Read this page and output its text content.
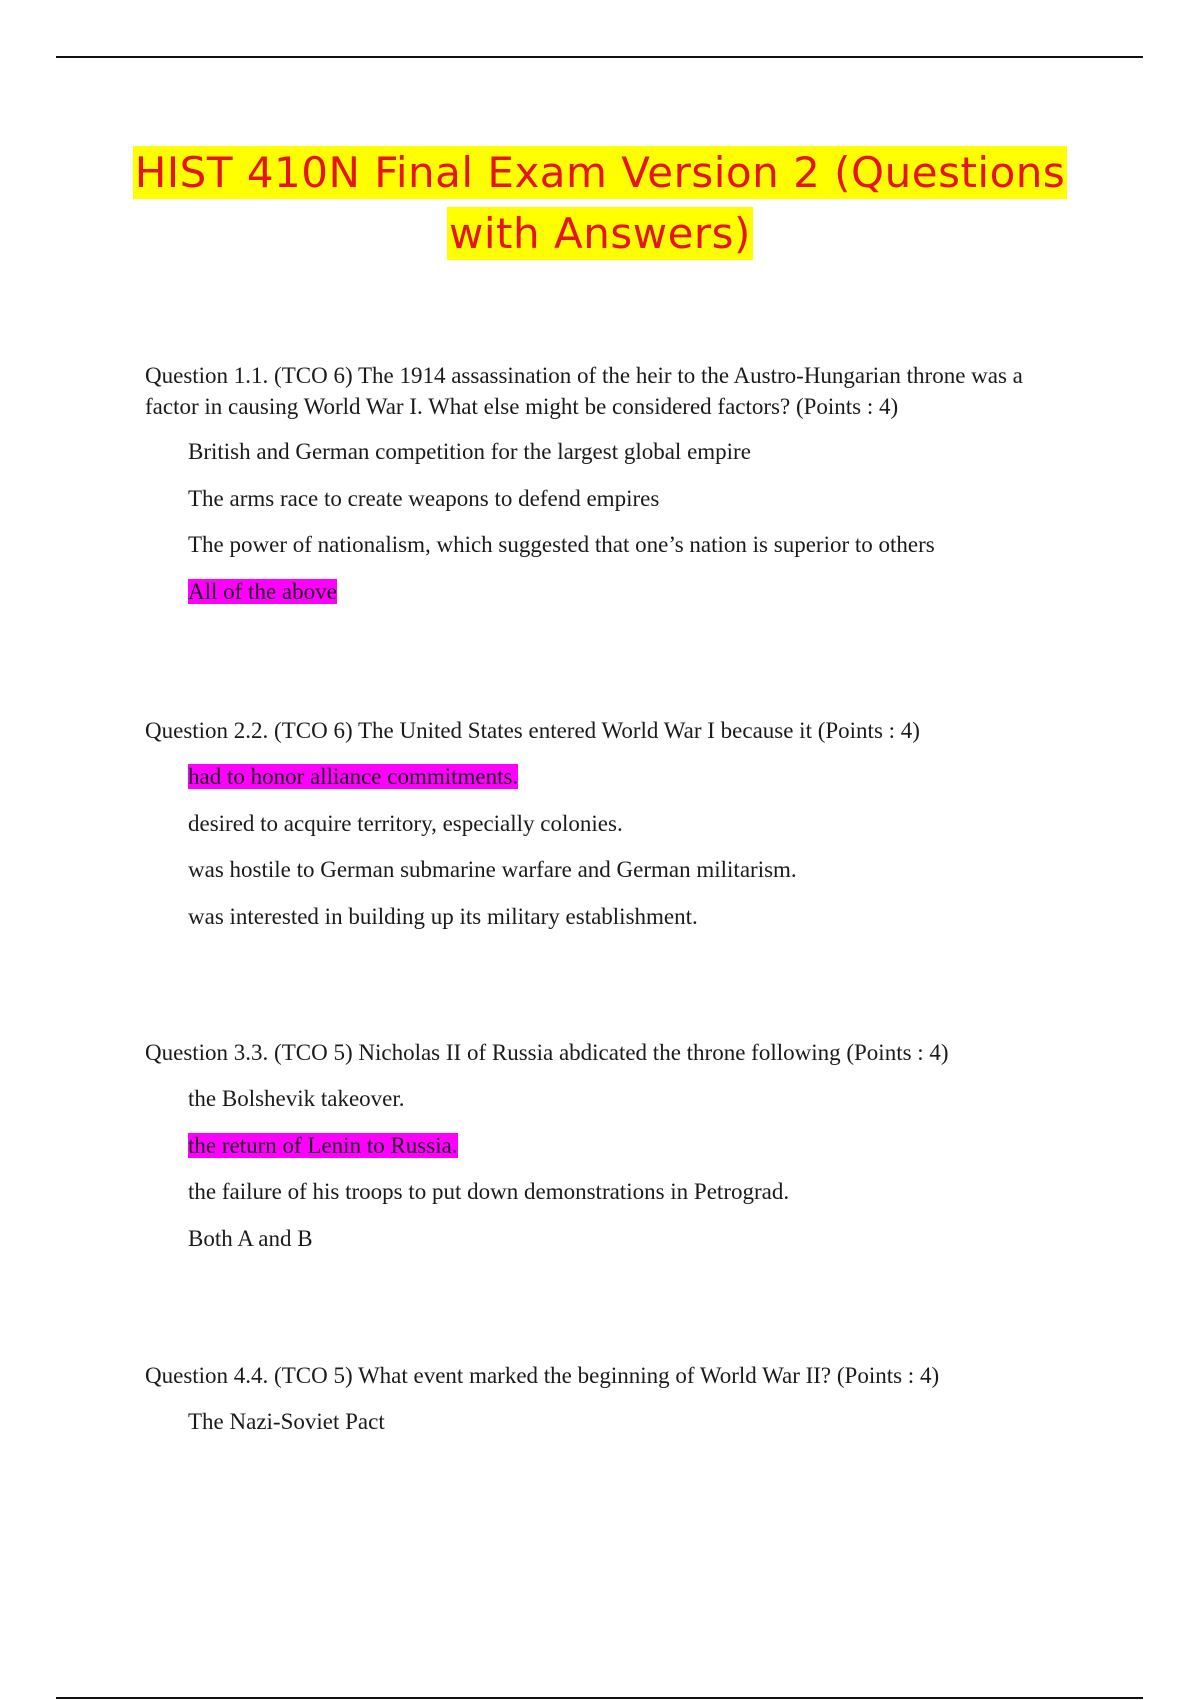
HIST 410N Final Exam Version 2 (Questions with Answers)
Question 1.1. (TCO 6) The 1914 assassination of the heir to the Austro-Hungarian throne was a factor in causing World War I. What else might be considered factors? (Points : 4)
British and German competition for the largest global empire
The arms race to create weapons to defend empires
The power of nationalism, which suggested that one’s nation is superior to others
All of the above
Question 2.2. (TCO 6) The United States entered World War I because it (Points : 4)
had to honor alliance commitments.
desired to acquire territory, especially colonies.
was hostile to German submarine warfare and German militarism.
was interested in building up its military establishment.
Question 3.3. (TCO 5) Nicholas II of Russia abdicated the throne following (Points : 4)
the Bolshevik takeover.
the return of Lenin to Russia.
the failure of his troops to put down demonstrations in Petrograd.
Both A and B
Question 4.4. (TCO 5) What event marked the beginning of World War II? (Points : 4)
The Nazi-Soviet Pact
